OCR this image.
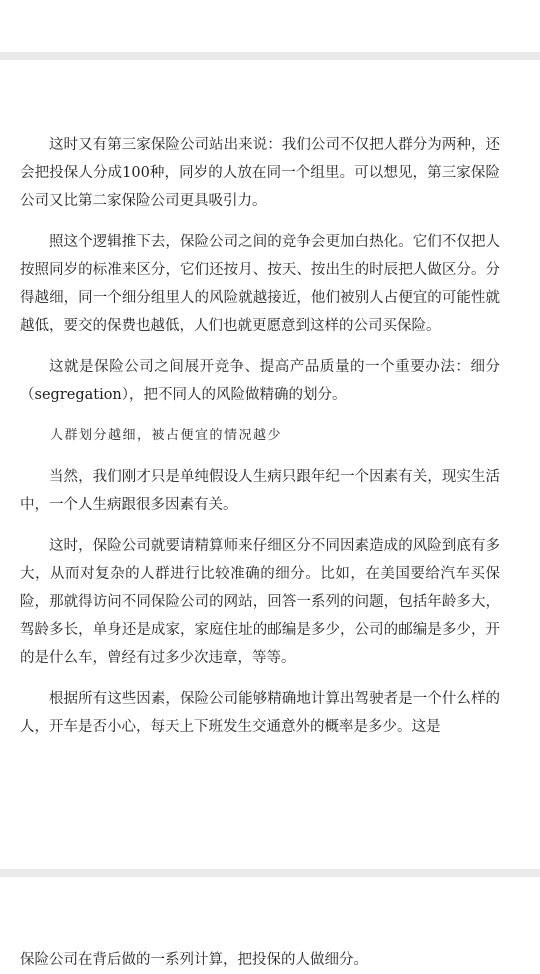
这时又有第三家保险公司站出来说：我们公司不仅把人群分为两种，还会把投保人分成100种，同岁的人放在同一个组里。可以想见，第三家保险公司又比第二家保险公司更具吸引力。

照这个逻辑推下去，保险公司之间的竞争会更加白热化。它们不仅把人按照同岁的标准来区分，它们还按月、按天、按出生的时辰把人做区分。分得越细，同一个细分组里人的风险就越接近，他们被别人占便宜的可能性就越低，要交的保费也越低，人们也就更愿意到这样的公司买保险。

这就是保险公司之间展开竞争、提高产品质量的一个重要办法：细分（segregation），把不同人的风险做精确的划分。

人群划分越细，被占便宜的情况越少

当然，我们刚才只是单纯假设人生病只跟年纪一个因素有关，现实生活中，一个人生病跟很多因素有关。

这时，保险公司就要请精算师来仔细区分不同因素造成的风险到底有多大，从而对复杂的人群进行比较准确的细分。比如，在美国要给汽车买保险，那就得访问不同保险公司的网站，回答一系列的问题，包括年龄多大，驾龄多长，单身还是成家，家庭住址的邮编是多少，公司的邮编是多少，开的是什么车，曾经有过多少次违章，等等。

根据所有这些因素，保险公司能够精确地计算出驾驶者是一个什么样的人，开车是否小心，每天上下班发生交通意外的概率是多少。这是

保险公司在背后做的一系列计算，把投保的人做细分。
